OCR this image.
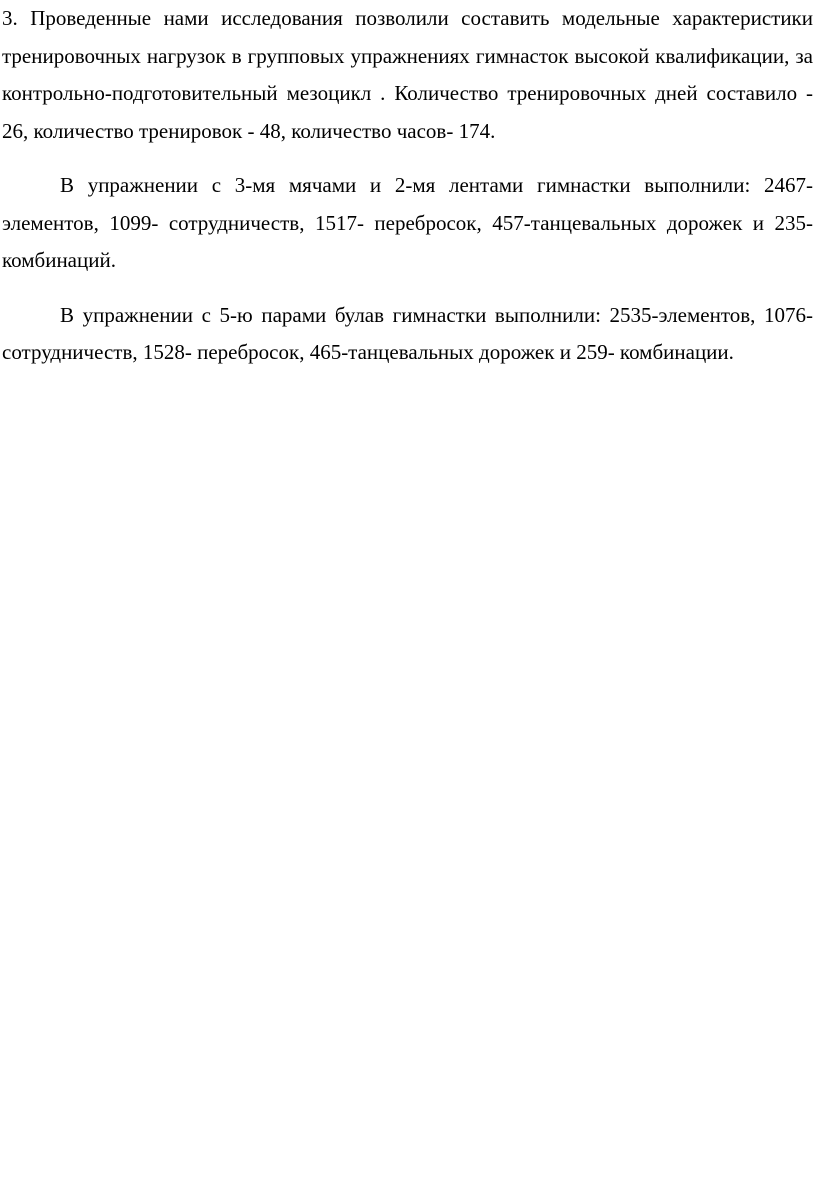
3. Проведенные нами исследования позволили составить модельные характеристики тренировочных нагрузок в групповых упражнениях гимнасток высокой квалификации, за контрольно-подготовительный мезоцикл . Количество тренировочных дней составило - 26, количество тренировок - 48, количество часов- 174.

В упражнении с 3-мя мячами и 2-мя лентами гимнастки выполнили: 2467- элементов, 1099- сотрудничеств, 1517- переброcок, 457-танцевальных дорожек и 235-комбинаций.

В упражнении с 5-ю парами булав гимнастки выполнили: 2535-элементов, 1076- сотрудничеств, 1528- переброcок, 465-танцевальных дорожек и 259- комбинации.
